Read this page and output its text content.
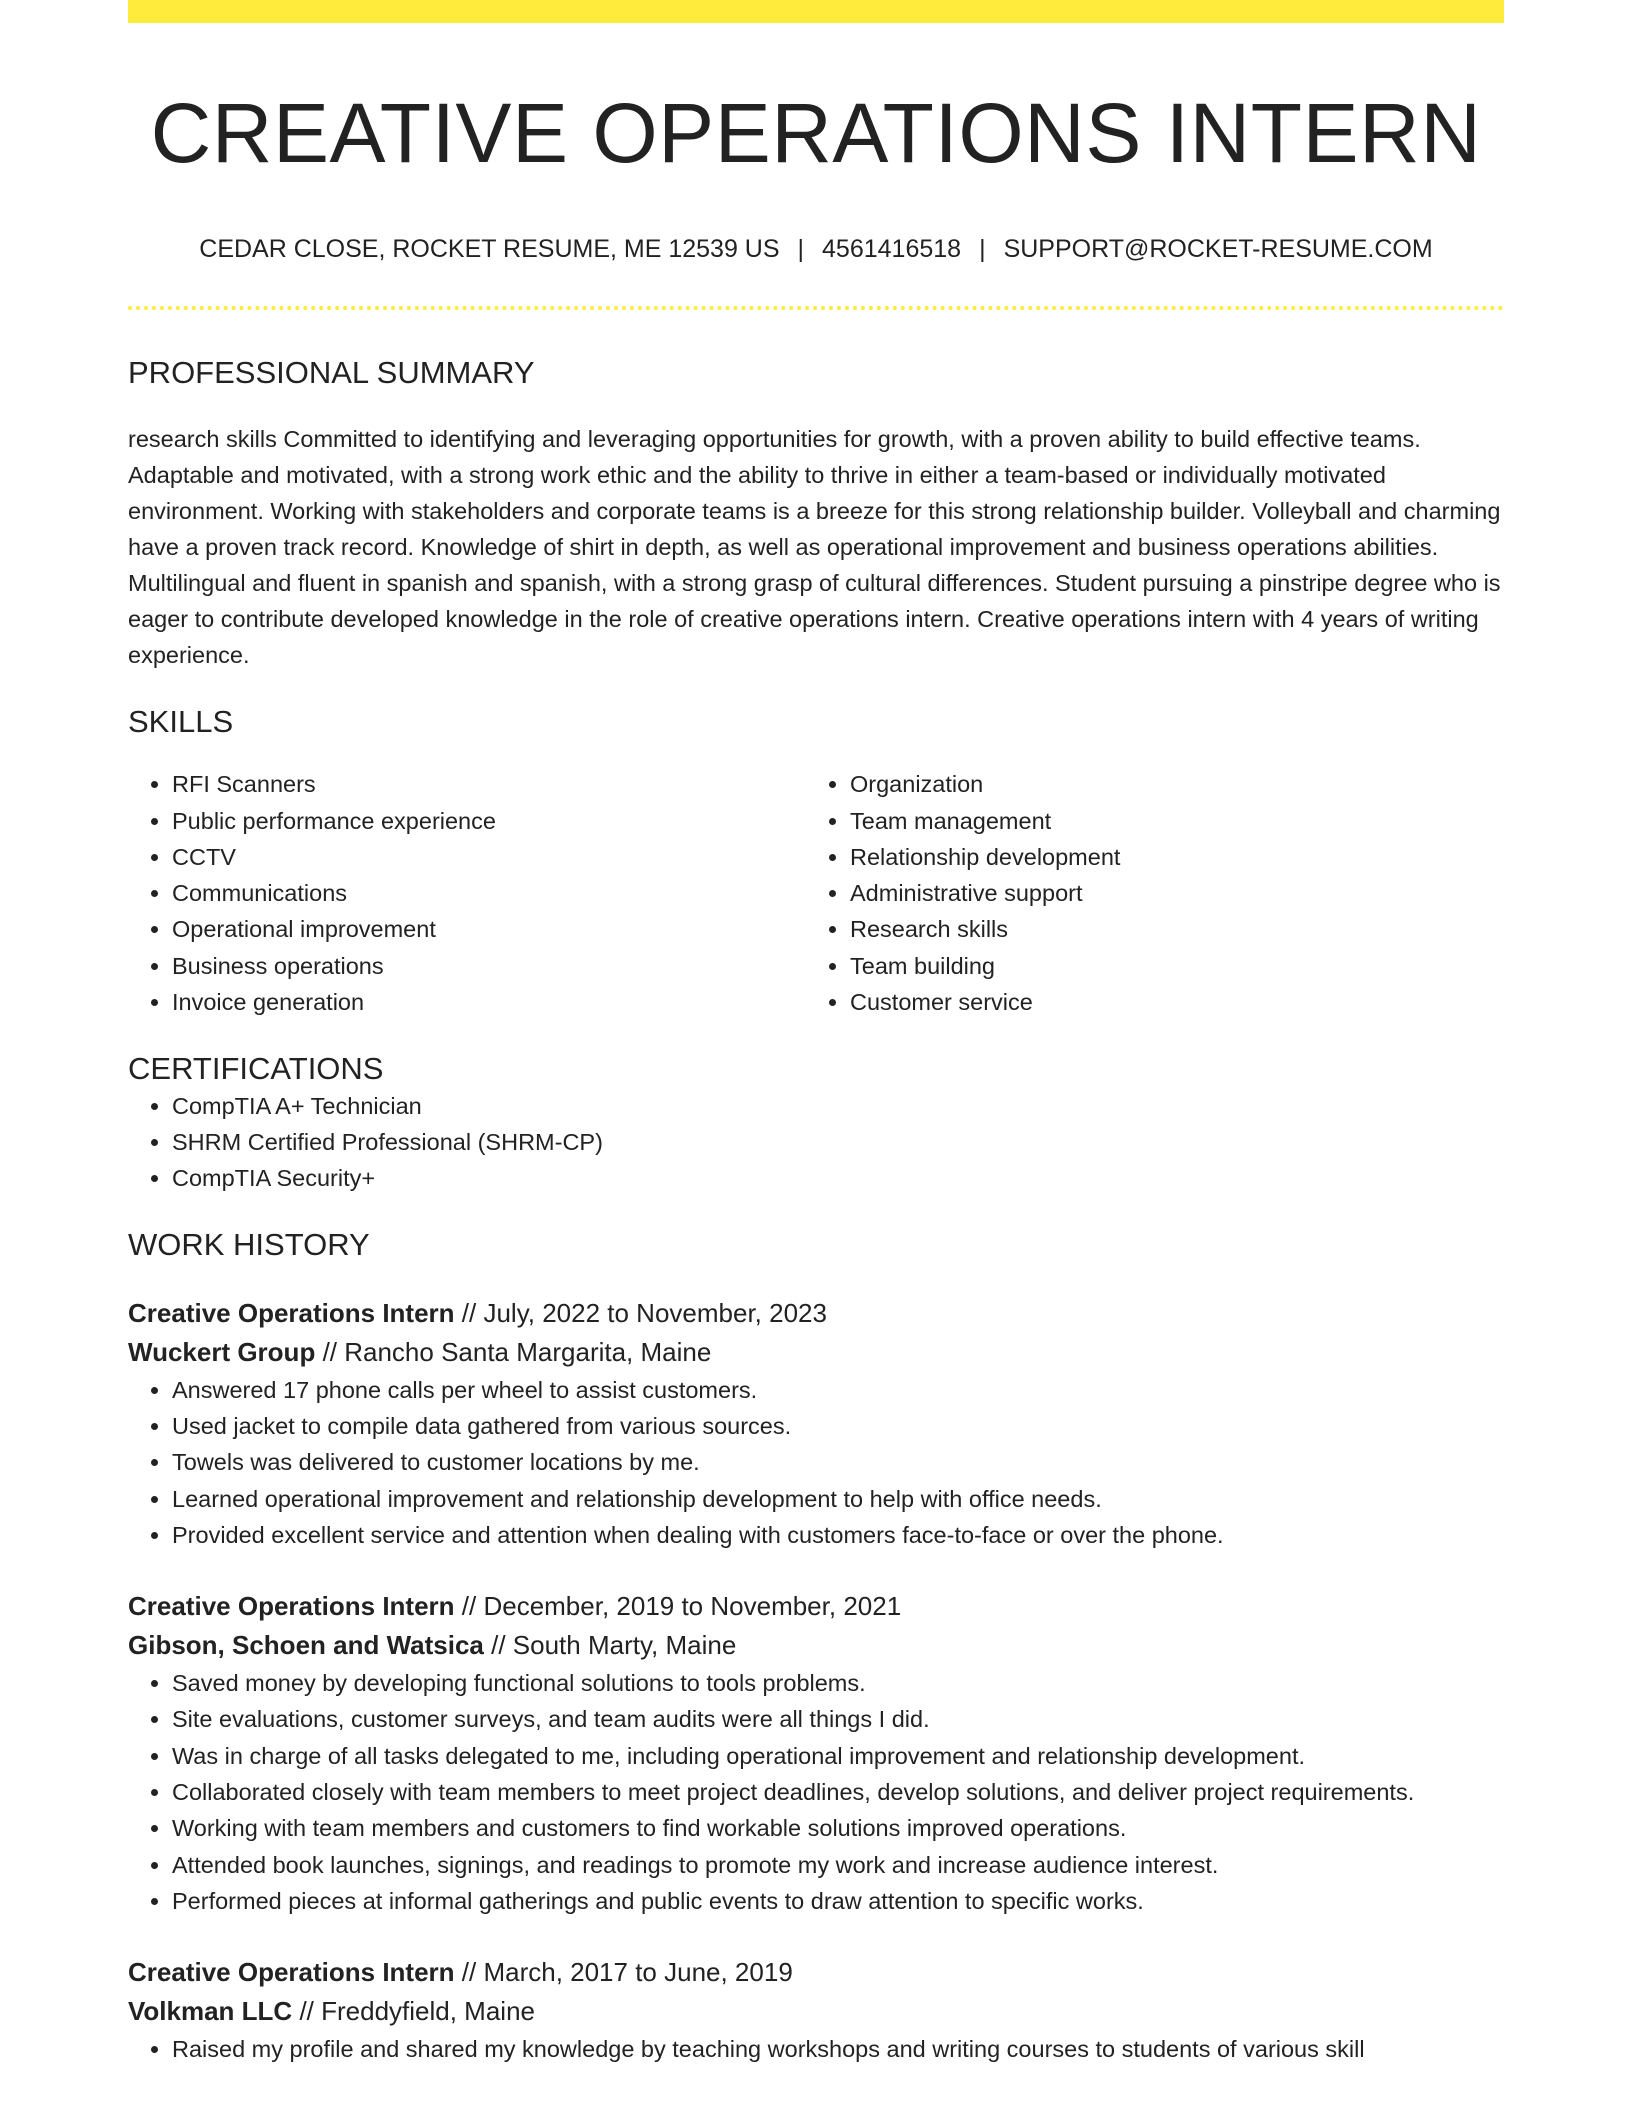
CREATIVE OPERATIONS INTERN
CEDAR CLOSE, ROCKET RESUME, ME 12539 US | 4561416518 | SUPPORT@ROCKET-RESUME.COM
PROFESSIONAL SUMMARY
research skills Committed to identifying and leveraging opportunities for growth, with a proven ability to build effective teams. Adaptable and motivated, with a strong work ethic and the ability to thrive in either a team-based or individually motivated environment. Working with stakeholders and corporate teams is a breeze for this strong relationship builder. Volleyball and charming have a proven track record. Knowledge of shirt in depth, as well as operational improvement and business operations abilities. Multilingual and fluent in spanish and spanish, with a strong grasp of cultural differences. Student pursuing a pinstripe degree who is eager to contribute developed knowledge in the role of creative operations intern. Creative operations intern with 4 years of writing experience.
SKILLS
• RFI Scanners
• Public performance experience
• CCTV
• Communications
• Operational improvement
• Business operations
• Invoice generation
• Organization
• Team management
• Relationship development
• Administrative support
• Research skills
• Team building
• Customer service
CERTIFICATIONS
• CompTIA A+ Technician
• SHRM Certified Professional (SHRM-CP)
• CompTIA Security+
WORK HISTORY
Creative Operations Intern // July, 2022 to November, 2023
Wuckert Group // Rancho Santa Margarita, Maine
• Answered 17 phone calls per wheel to assist customers.
• Used jacket to compile data gathered from various sources.
• Towels was delivered to customer locations by me.
• Learned operational improvement and relationship development to help with office needs.
• Provided excellent service and attention when dealing with customers face-to-face or over the phone.
Creative Operations Intern // December, 2019 to November, 2021
Gibson, Schoen and Watsica // South Marty, Maine
• Saved money by developing functional solutions to tools problems.
• Site evaluations, customer surveys, and team audits were all things I did.
• Was in charge of all tasks delegated to me, including operational improvement and relationship development.
• Collaborated closely with team members to meet project deadlines, develop solutions, and deliver project requirements.
• Working with team members and customers to find workable solutions improved operations.
• Attended book launches, signings, and readings to promote my work and increase audience interest.
• Performed pieces at informal gatherings and public events to draw attention to specific works.
Creative Operations Intern // March, 2017 to June, 2019
Volkman LLC // Freddyfield, Maine
• Raised my profile and shared my knowledge by teaching workshops and writing courses to students of various skill
